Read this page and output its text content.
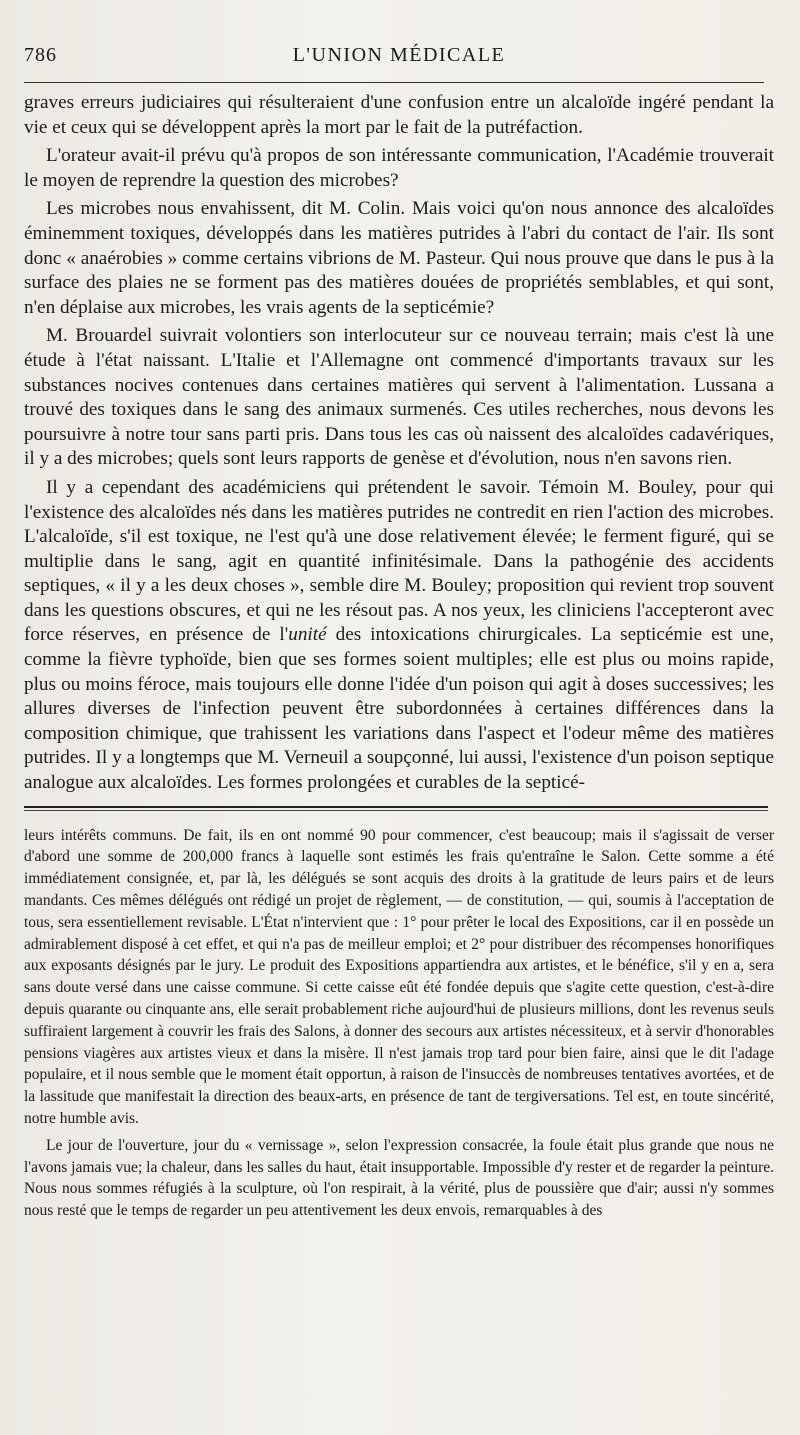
786	L'UNION MÉDICALE

graves erreurs judiciaires qui résulteraient d'une confusion entre un alcaloïde ingéré pendant la vie et ceux qui se développent après la mort par le fait de la putréfaction.

L'orateur avait-il prévu qu'à propos de son intéressante communication, l'Académie trouverait le moyen de reprendre la question des microbes?

Les microbes nous envahissent, dit M. Colin. Mais voici qu'on nous annonce des alcaloïdes éminemment toxiques, développés dans les matières putrides à l'abri du contact de l'air. Ils sont donc « anaérobies » comme certains vibrions de M. Pasteur. Qui nous prouve que dans le pus à la surface des plaies ne se forment pas des matières douées de propriétés semblables, et qui sont, n'en déplaise aux microbes, les vrais agents de la septicémie?

M. Brouardel suivrait volontiers son interlocuteur sur ce nouveau terrain; mais c'est là une étude à l'état naissant. L'Italie et l'Allemagne ont commencé d'importants travaux sur les substances nocives contenues dans certaines matières qui servent à l'alimentation. Lussana a trouvé des toxiques dans le sang des animaux surmenés. Ces utiles recherches, nous devons les poursuivre à notre tour sans parti pris. Dans tous les cas où naissent des alcaloïdes cadavériques, il y a des microbes; quels sont leurs rapports de genèse et d'évolution, nous n'en savons rien.

Il y a cependant des académiciens qui prétendent le savoir. Témoin M. Bouley, pour qui l'existence des alcaloïdes nés dans les matières putrides ne contredit en rien l'action des microbes. L'alcaloïde, s'il est toxique, ne l'est qu'à une dose relativement élevée; le ferment figuré, qui se multiplie dans le sang, agit en quantité infinitésimale. Dans la pathogénie des accidents septiques, « il y a les deux choses », semble dire M. Bouley; proposition qui revient trop souvent dans les questions obscures, et qui ne les résout pas. A nos yeux, les cliniciens l'accepteront avec force réserves, en présence de l'unité des intoxications chirurgicales. La septicémie est une, comme la fièvre typhoïde, bien que ses formes soient multiples; elle est plus ou moins rapide, plus ou moins féroce, mais toujours elle donne l'idée d'un poison qui agit à doses successives; les allures diverses de l'infection peuvent être subordonnées à certaines différences dans la composition chimique, que trahissent les variations dans l'aspect et l'odeur même des matières putrides. Il y a longtemps que M. Verneuil a soupçonné, lui aussi, l'existence d'un poison septique analogue aux alcaloïdes. Les formes prolongées et curables de la septicé-

leurs intérêts communs. De fait, ils en ont nommé 90 pour commencer, c'est beaucoup; mais il s'agissait de verser d'abord une somme de 200,000 francs à laquelle sont estimés les frais qu'entraîne le Salon. Cette somme a été immédiatement consignée, et, par là, les délégués se sont acquis des droits à la gratitude de leurs pairs et de leurs mandants. Ces mêmes délégués ont rédigé un projet de règlement, — de constitution, — qui, soumis à l'acceptation de tous, sera essentiellement revisable. L'État n'intervient que : 1° pour prêter le local des Expositions, car il en possède un admirablement disposé à cet effet, et qui n'a pas de meilleur emploi; et 2° pour distribuer des récompenses honorifiques aux exposants désignés par le jury. Le produit des Expositions appartiendra aux artistes, et le bénéfice, s'il y en a, sera sans doute versé dans une caisse commune. Si cette caisse eût été fondée depuis que s'agite cette question, c'est-à-dire depuis quarante ou cinquante ans, elle serait probablement riche aujourd'hui de plusieurs millions, dont les revenus seuls suffiraient largement à couvrir les frais des Salons, à donner des secours aux artistes nécessiteux, et à servir d'honorables pensions viagères aux artistes vieux et dans la misère. Il n'est jamais trop tard pour bien faire, ainsi que le dit l'adage populaire, et il nous semble que le moment était opportun, à raison de l'insuccès de nombreuses tentatives avortées, et de la lassitude que manifestait la direction des beaux-arts, en présence de tant de tergiversations. Tel est, en toute sincérité, notre humble avis.

Le jour de l'ouverture, jour du « vernissage », selon l'expression consacrée, la foule était plus grande que nous ne l'avons jamais vue; la chaleur, dans les salles du haut, était insupportable. Impossible d'y rester et de regarder la peinture. Nous nous sommes réfugiés à la sculpture, où l'on respirait, à la vérité, plus de poussière que d'air; aussi n'y sommes nous resté que le temps de regarder un peu attentivement les deux envois, remarquables à des
